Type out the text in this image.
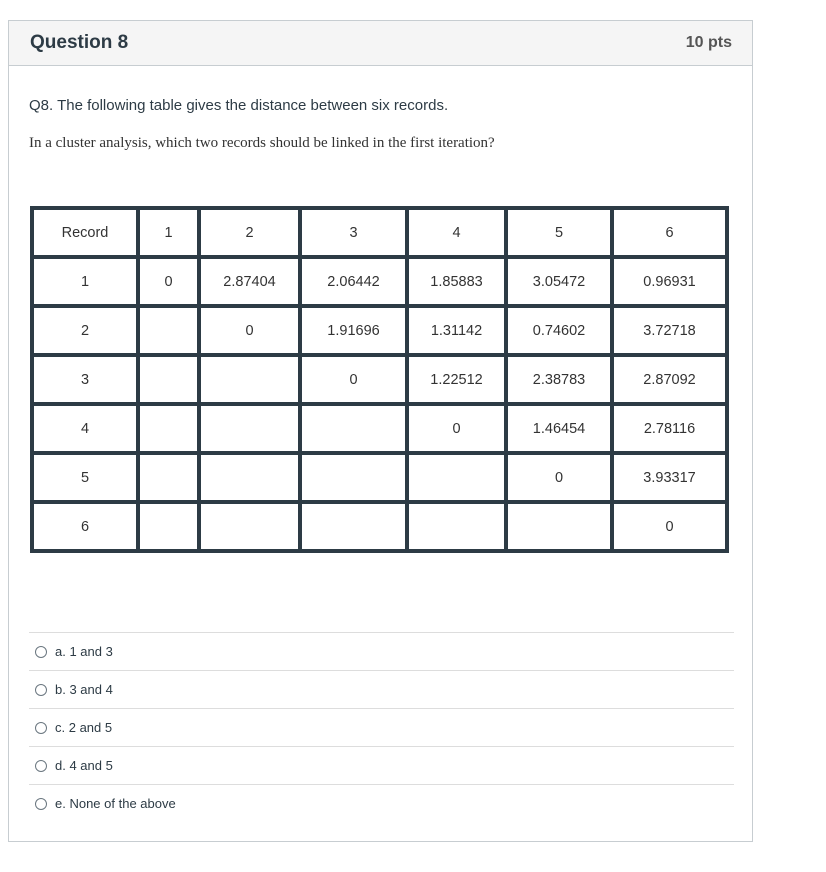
Question 8	10 pts
Q8. The following table gives the distance between six records.
In a cluster analysis, which two records should be linked in the first iteration?
Record	1	2	3	4	5	6
1	0	2.87404	2.06442	1.85883	3.05472	0.96931
2		0	1.91696	1.31142	0.74602	3.72718
3			0	1.22512	2.38783	2.87092
4				0	1.46454	2.78116
5					0	3.93317
6						0
a. 1 and 3
b. 3 and 4
c. 2 and 5
d. 4 and 5
e. None of the above
